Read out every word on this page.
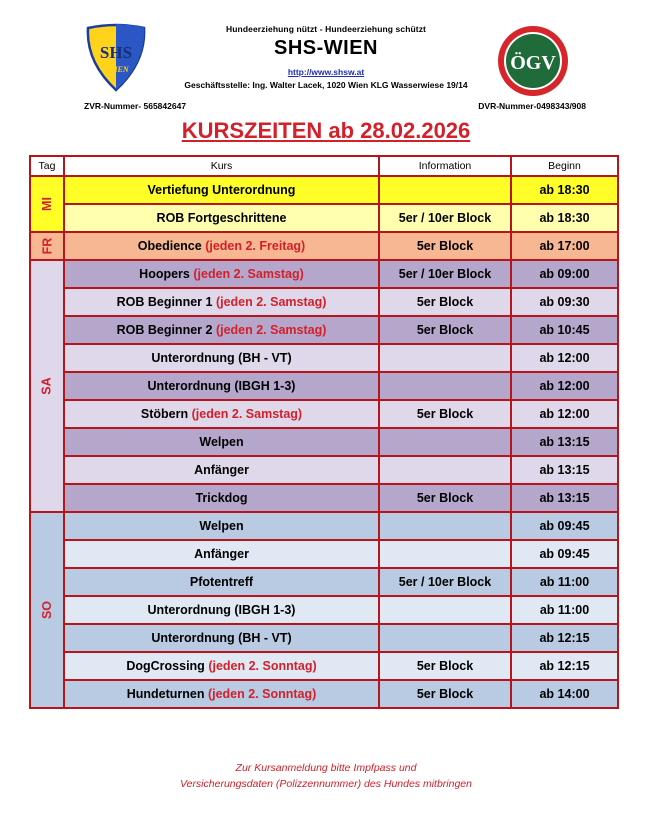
SHS
WIEN	ÖGV
Hundeerziehung nützt - Hundeerziehung schützt
SHS-WIEN
http://www.shsw.at
Geschäftsstelle: Ing. Walter Lacek, 1020 Wien KLG Wasserwiese 19/14
ZVR-Nummer- 565842647	DVR-Nummer-0498343/908
KURSZEITEN ab 28.02.2026
Tag	Kurs	Information	Beginn
MI	Vertiefung Unterordnung		ab 18:30
	ROB Fortgeschrittene	5er / 10er Block	ab 18:30
FR	Obedience (jeden 2. Freitag)	5er Block	ab 17:00
SA	Hoopers (jeden 2. Samstag)	5er / 10er Block	ab 09:00
	ROB Beginner 1 (jeden 2. Samstag)	5er Block	ab 09:30
	ROB Beginner 2 (jeden 2. Samstag)	5er Block	ab 10:45
	Unterordnung (BH - VT)		ab 12:00
	Unterordnung (IBGH 1-3)		ab 12:00
	Stöbern (jeden 2. Samstag)	5er Block	ab 12:00
	Welpen		ab 13:15
	Anfänger		ab 13:15
	Trickdog	5er Block	ab 13:15
SO	Welpen		ab 09:45
	Anfänger		ab 09:45
	Pfotentreff	5er / 10er Block	ab 11:00
	Unterordnung (IBGH 1-3)		ab 11:00
	Unterordnung (BH - VT)		ab 12:15
	DogCrossing (jeden 2. Sonntag)	5er Block	ab 12:15
	Hundeturnen (jeden 2. Sonntag)	5er Block	ab 14:00
Zur Kursanmeldung bitte Impfpass und
Versicherungsdaten (Polizzennummer) des Hundes mitbringen
